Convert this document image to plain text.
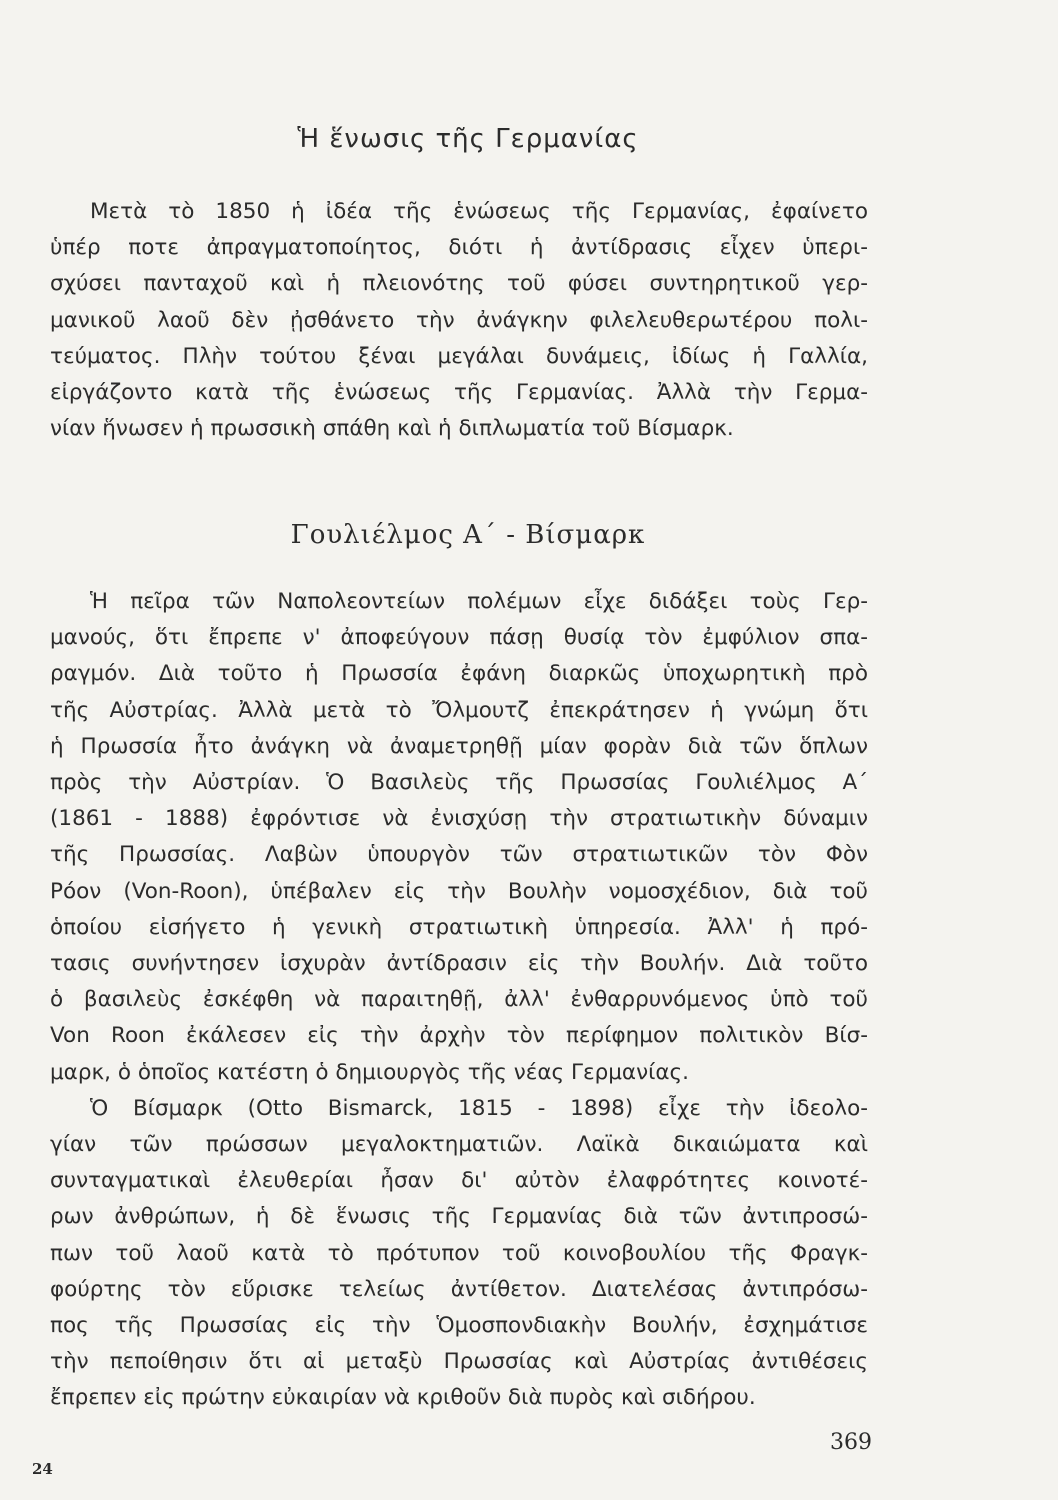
Ἡ ἕνωσις τῆς Γερμανίας
Μετὰ τὸ 1850 ἡ ἰδέα τῆς ἑνώσεως τῆς Γερμανίας, ἐφαίνετο
ὑπέρ ποτε ἀπραγματοποίητος, διότι ἡ ἀντίδρασις εἶχεν ὑπερι-
σχύσει πανταχοῦ καὶ ἡ πλειονότης τοῦ φύσει συντηρητικοῦ γερ-
μανικοῦ λαοῦ δὲν ᾐσθάνετο τὴν ἀνάγκην φιλελευθερωτέρου πολι-
τεύματος. Πλὴν τούτου ξέναι μεγάλαι δυνάμεις, ἰδίως ἡ Γαλλία,
εἰργάζοντο κατὰ τῆς ἑνώσεως τῆς Γερμανίας. Ἀλλὰ τὴν Γερμα-
νίαν ἥνωσεν ἡ πρωσσικὴ σπάθη καὶ ἡ διπλωματία τοῦ Βίσμαρκ.
Γουλιέλμος Α΄ - Βίσμαρκ
Ἡ πεῖρα τῶν Ναπολεοντείων πολέμων εἶχε διδάξει τοὺς Γερ-
μανούς, ὅτι ἔπρεπε ν' ἀποφεύγουν πάσῃ θυσίᾳ τὸν ἐμφύλιον σπα-
ραγμόν. Διὰ τοῦτο ἡ Πρωσσία ἐφάνη διαρκῶς ὑποχωρητικὴ πρὸ
τῆς Αὐστρίας. Ἀλλὰ μετὰ τὸ Ὄλμουτζ ἐπεκράτησεν ἡ γνώμη ὅτι
ἡ Πρωσσία ἦτο ἀνάγκη νὰ ἀναμετρηθῇ μίαν φορὰν διὰ τῶν ὅπλων
πρὸς τὴν Αὐστρίαν. Ὁ Βασιλεὺς τῆς Πρωσσίας Γουλιέλμος Α΄
(1861 - 1888) ἐφρόντισε νὰ ἐνισχύσῃ τὴν στρατιωτικὴν δύναμιν
τῆς Πρωσσίας. Λαβὼν ὑπουργὸν τῶν στρατιωτικῶν τὸν Φὸν
Ρόον (Von-Roon), ὑπέβαλεν εἰς τὴν Βουλὴν νομοσχέδιον, διὰ τοῦ
ὁποίου εἰσήγετο ἡ γενικὴ στρατιωτικὴ ὑπηρεσία. Ἀλλ' ἡ πρό-
τασις συνήντησεν ἰσχυρὰν ἀντίδρασιν εἰς τὴν Βουλήν. Διὰ τοῦτο
ὁ βασιλεὺς ἐσκέφθη νὰ παραιτηθῇ, ἀλλ' ἐνθαρρυνόμενος ὑπὸ τοῦ
Von Roon ἐκάλεσεν εἰς τὴν ἀρχὴν τὸν περίφημον πολιτικὸν Βίσ-
μαρκ, ὁ ὁποῖος κατέστη ὁ δημιουργὸς τῆς νέας Γερμανίας.
Ὁ Βίσμαρκ (Otto Bismarck, 1815 - 1898) εἶχε τὴν ἰδεολο-
γίαν τῶν πρώσσων μεγαλοκτηματιῶν. Λαϊκὰ δικαιώματα καὶ
συνταγματικαὶ ἐλευθερίαι ἦσαν δι' αὐτὸν ἐλαφρότητες κοινοτέ-
ρων ἀνθρώπων, ἡ δὲ ἕνωσις τῆς Γερμανίας διὰ τῶν ἀντιπροσώ-
πων τοῦ λαοῦ κατὰ τὸ πρότυπον τοῦ κοινοβουλίου τῆς Φραγκ-
φούρτης τὸν εὕρισκε τελείως ἀντίθετον. Διατελέσας ἀντιπρόσω-
πος τῆς Πρωσσίας εἰς τὴν Ὁμοσπονδιακὴν Βουλήν, ἐσχημάτισε
τὴν πεποίθησιν ὅτι αἱ μεταξὺ Πρωσσίας καὶ Αὐστρίας ἀντιθέσεις
ἔπρεπεν εἰς πρώτην εὐκαιρίαν νὰ κριθοῦν διὰ πυρὸς καὶ σιδήρου.
369
24
